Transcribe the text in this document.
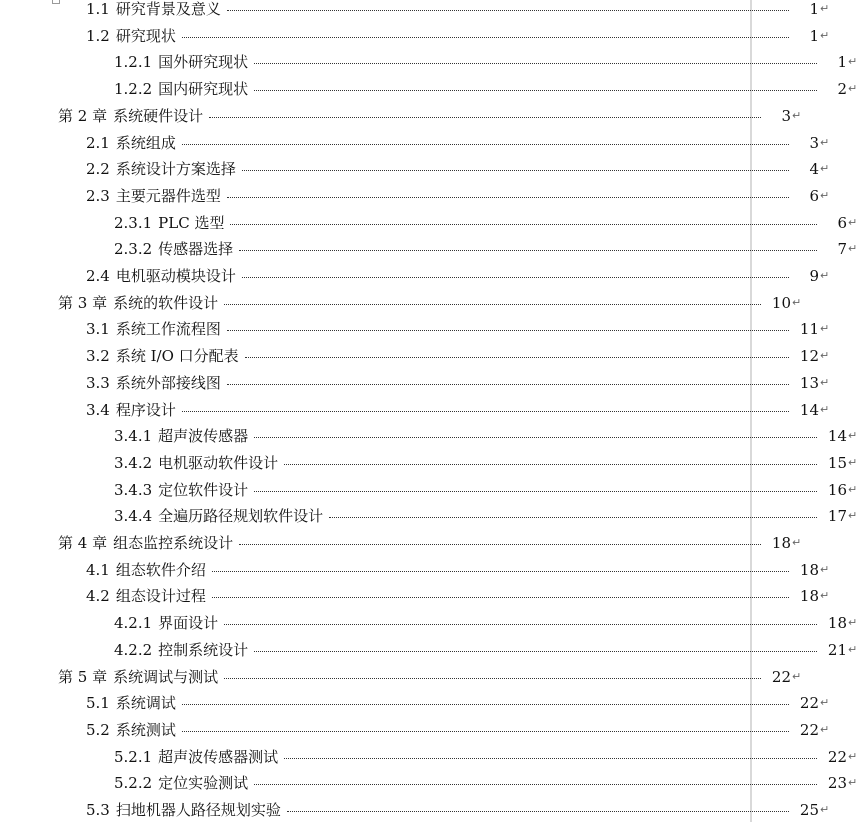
1.1 研究背景及意义	1 ↵
1.2 研究现状	1 ↵
1.2.1 国外研究现状	1 ↵
1.2.2 国内研究现状	2 ↵
第 2 章 系统硬件设计	3 ↵
2.1 系统组成	3 ↵
2.2 系统设计方案选择	4 ↵
2.3 主要元器件选型	6 ↵
2.3.1 PLC 选型	6 ↵
2.3.2 传感器选择	7 ↵
2.4 电机驱动模块设计	9 ↵
第 3 章 系统的软件设计	10 ↵
3.1 系统工作流程图	11 ↵
3.2 系统 I/O 口分配表	12 ↵
3.3 系统外部接线图	13 ↵
3.4 程序设计	14 ↵
3.4.1 超声波传感器	14 ↵
3.4.2 电机驱动软件设计	15 ↵
3.4.3 定位软件设计	16 ↵
3.4.4 全遍历路径规划软件设计	17 ↵
第 4 章 组态监控系统设计	18 ↵
4.1 组态软件介绍	18 ↵
4.2 组态设计过程	18 ↵
4.2.1 界面设计	18 ↵
4.2.2 控制系统设计	21 ↵
第 5 章 系统调试与测试	22 ↵
5.1 系统调试	22 ↵
5.2 系统测试	22 ↵
5.2.1 超声波传感器测试	22 ↵
5.2.2 定位实验测试	23 ↵
5.3 扫地机器人路径规划实验	25 ↵
